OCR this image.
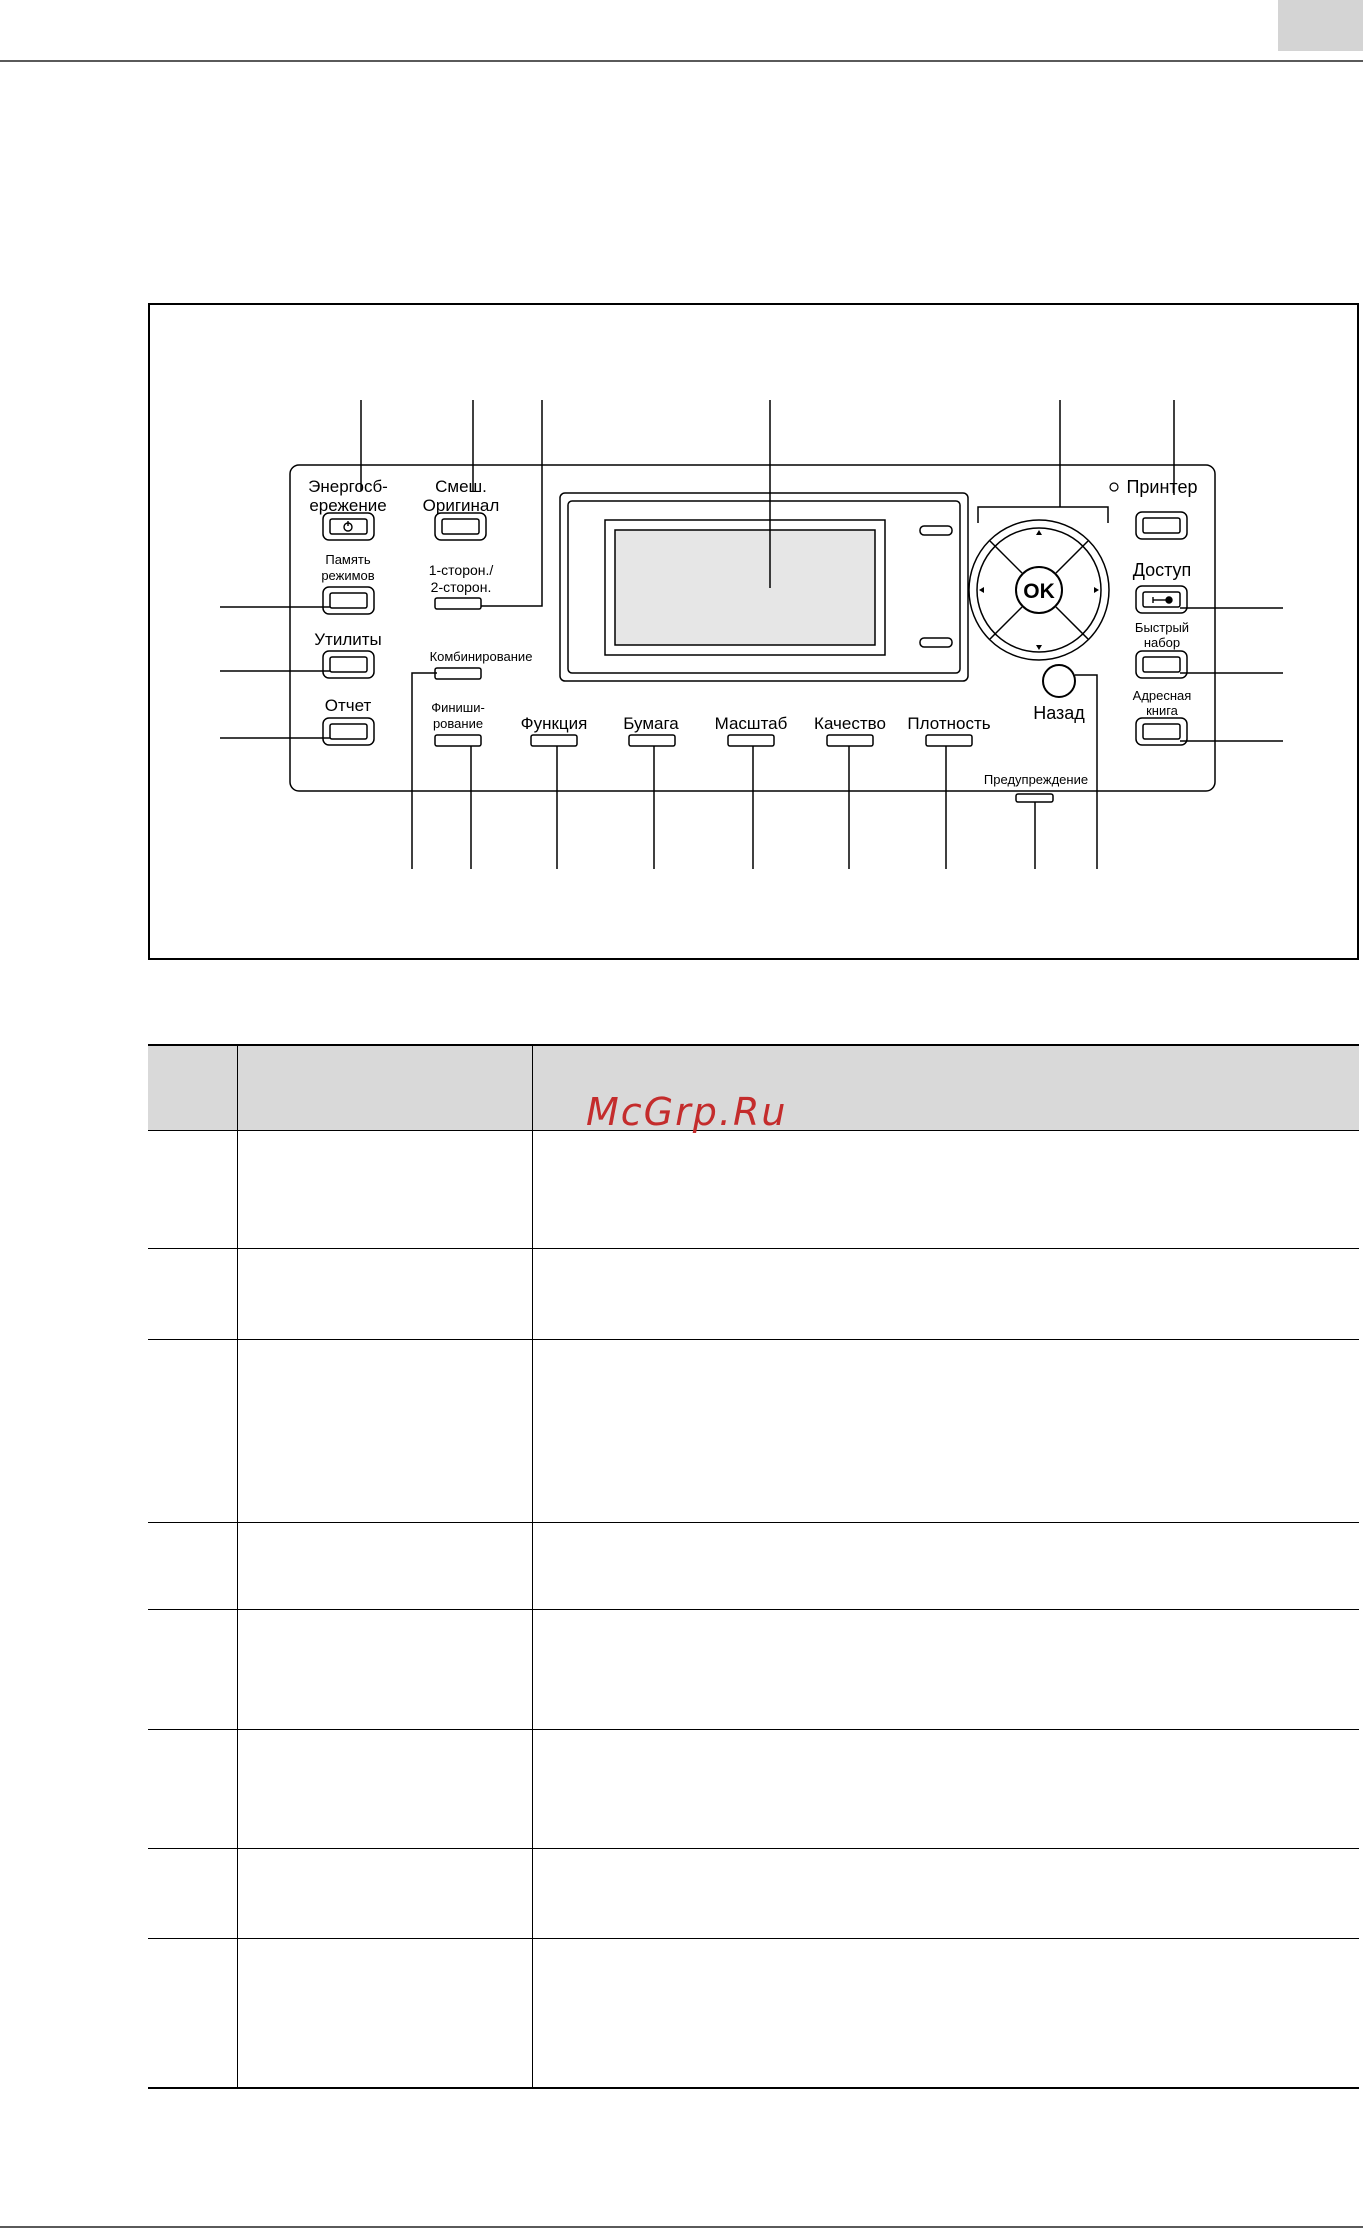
Энергосб-
ережение
Смеш.
Оригинал
Память
режимов	1-сторон./
2-сторон.
Утилиты
Комбинирование
Отчет	Финиши-
рование Функция Бумага Масштаб Качество Плотность
Назад
Предупреждение
Принтер
Доступ
Быстрый
набор
Адресная
книга
OK
McGrp.Ru
